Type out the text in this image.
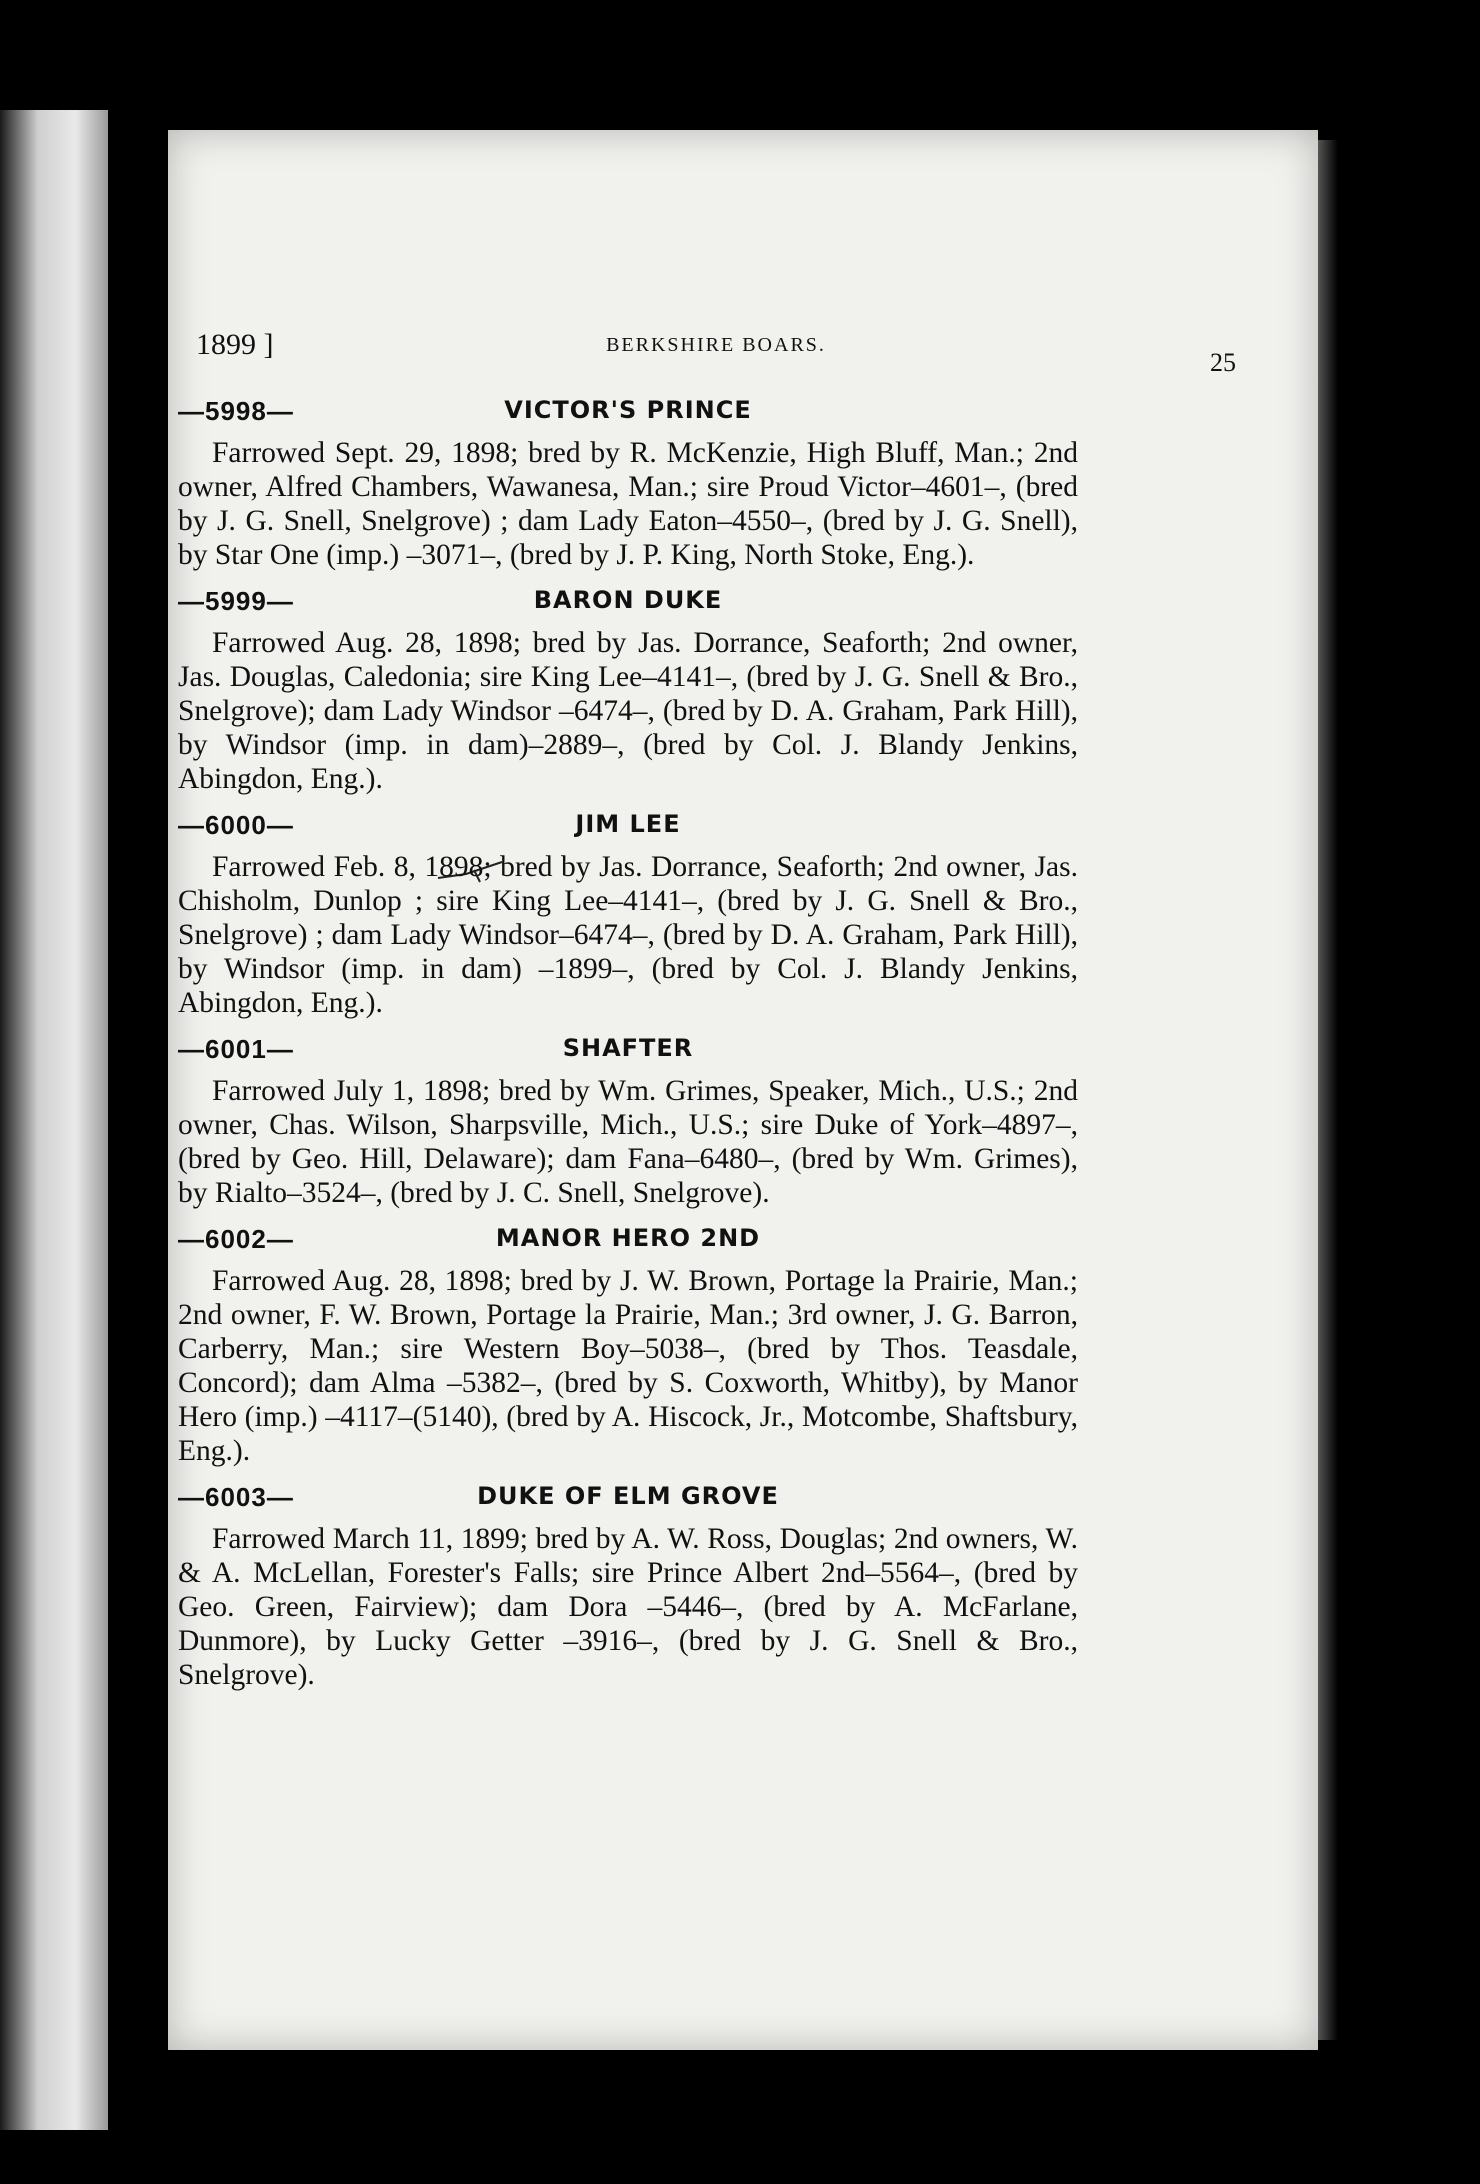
1899 ]	BERKSHIRE BOARS.
25
—5998—	VICTOR'S PRINCE
Farrowed Sept. 29, 1898; bred by R. McKenzie, High Bluff, Man.; 2nd owner, Alfred Chambers, Wawanesa, Man.; sire Proud Victor–4601–, (bred by J. G. Snell, Snelgrove) ; dam Lady Eaton–4550–, (bred by J. G. Snell), by Star One (imp.) –3071–, (bred by J. P. King, North Stoke, Eng.).
—5999—	BARON DUKE
Farrowed Aug. 28, 1898; bred by Jas. Dorrance, Seaforth; 2nd owner, Jas. Douglas, Caledonia; sire King Lee–4141–, (bred by J. G. Snell & Bro., Snelgrove); dam Lady Windsor –6474–, (bred by D. A. Graham, Park Hill), by Windsor (imp. in dam)–2889–, (bred by Col. J. Blandy Jenkins, Abingdon, Eng.).
—6000—	JIM LEE
Farrowed Feb. 8, 1898; bred by Jas. Dorrance, Seaforth; 2nd owner, Jas. Chisholm, Dunlop ; sire King Lee–4141–, (bred by J. G. Snell & Bro., Snelgrove) ; dam Lady Windsor–6474–, (bred by D. A. Graham, Park Hill), by Windsor (imp. in dam) –1899–, (bred by Col. J. Blandy Jenkins, Abingdon, Eng.).
—6001—	SHAFTER
Farrowed July 1, 1898; bred by Wm. Grimes, Speaker, Mich., U.S.; 2nd owner, Chas. Wilson, Sharpsville, Mich., U.S.; sire Duke of York–4897–, (bred by Geo. Hill, Delaware); dam Fana–6480–, (bred by Wm. Grimes), by Rialto–3524–, (bred by J. C. Snell, Snelgrove).
—6002—	MANOR HERO 2ND
Farrowed Aug. 28, 1898; bred by J. W. Brown, Portage la Prairie, Man.; 2nd owner, F. W. Brown, Portage la Prairie, Man.; 3rd owner, J. G. Barron, Carberry, Man.; sire Western Boy–5038–, (bred by Thos. Teasdale, Concord); dam Alma –5382–, (bred by S. Coxworth, Whitby), by Manor Hero (imp.) –4117–(5140), (bred by A. Hiscock, Jr., Motcombe, Shaftsbury, Eng.).
—6003—	DUKE OF ELM GROVE
Farrowed March 11, 1899; bred by A. W. Ross, Douglas; 2nd owners, W. & A. McLellan, Forester's Falls; sire Prince Albert 2nd–5564–, (bred by Geo. Green, Fairview); dam Dora –5446–, (bred by A. McFarlane, Dunmore), by Lucky Getter –3916–, (bred by J. G. Snell & Bro., Snelgrove).
